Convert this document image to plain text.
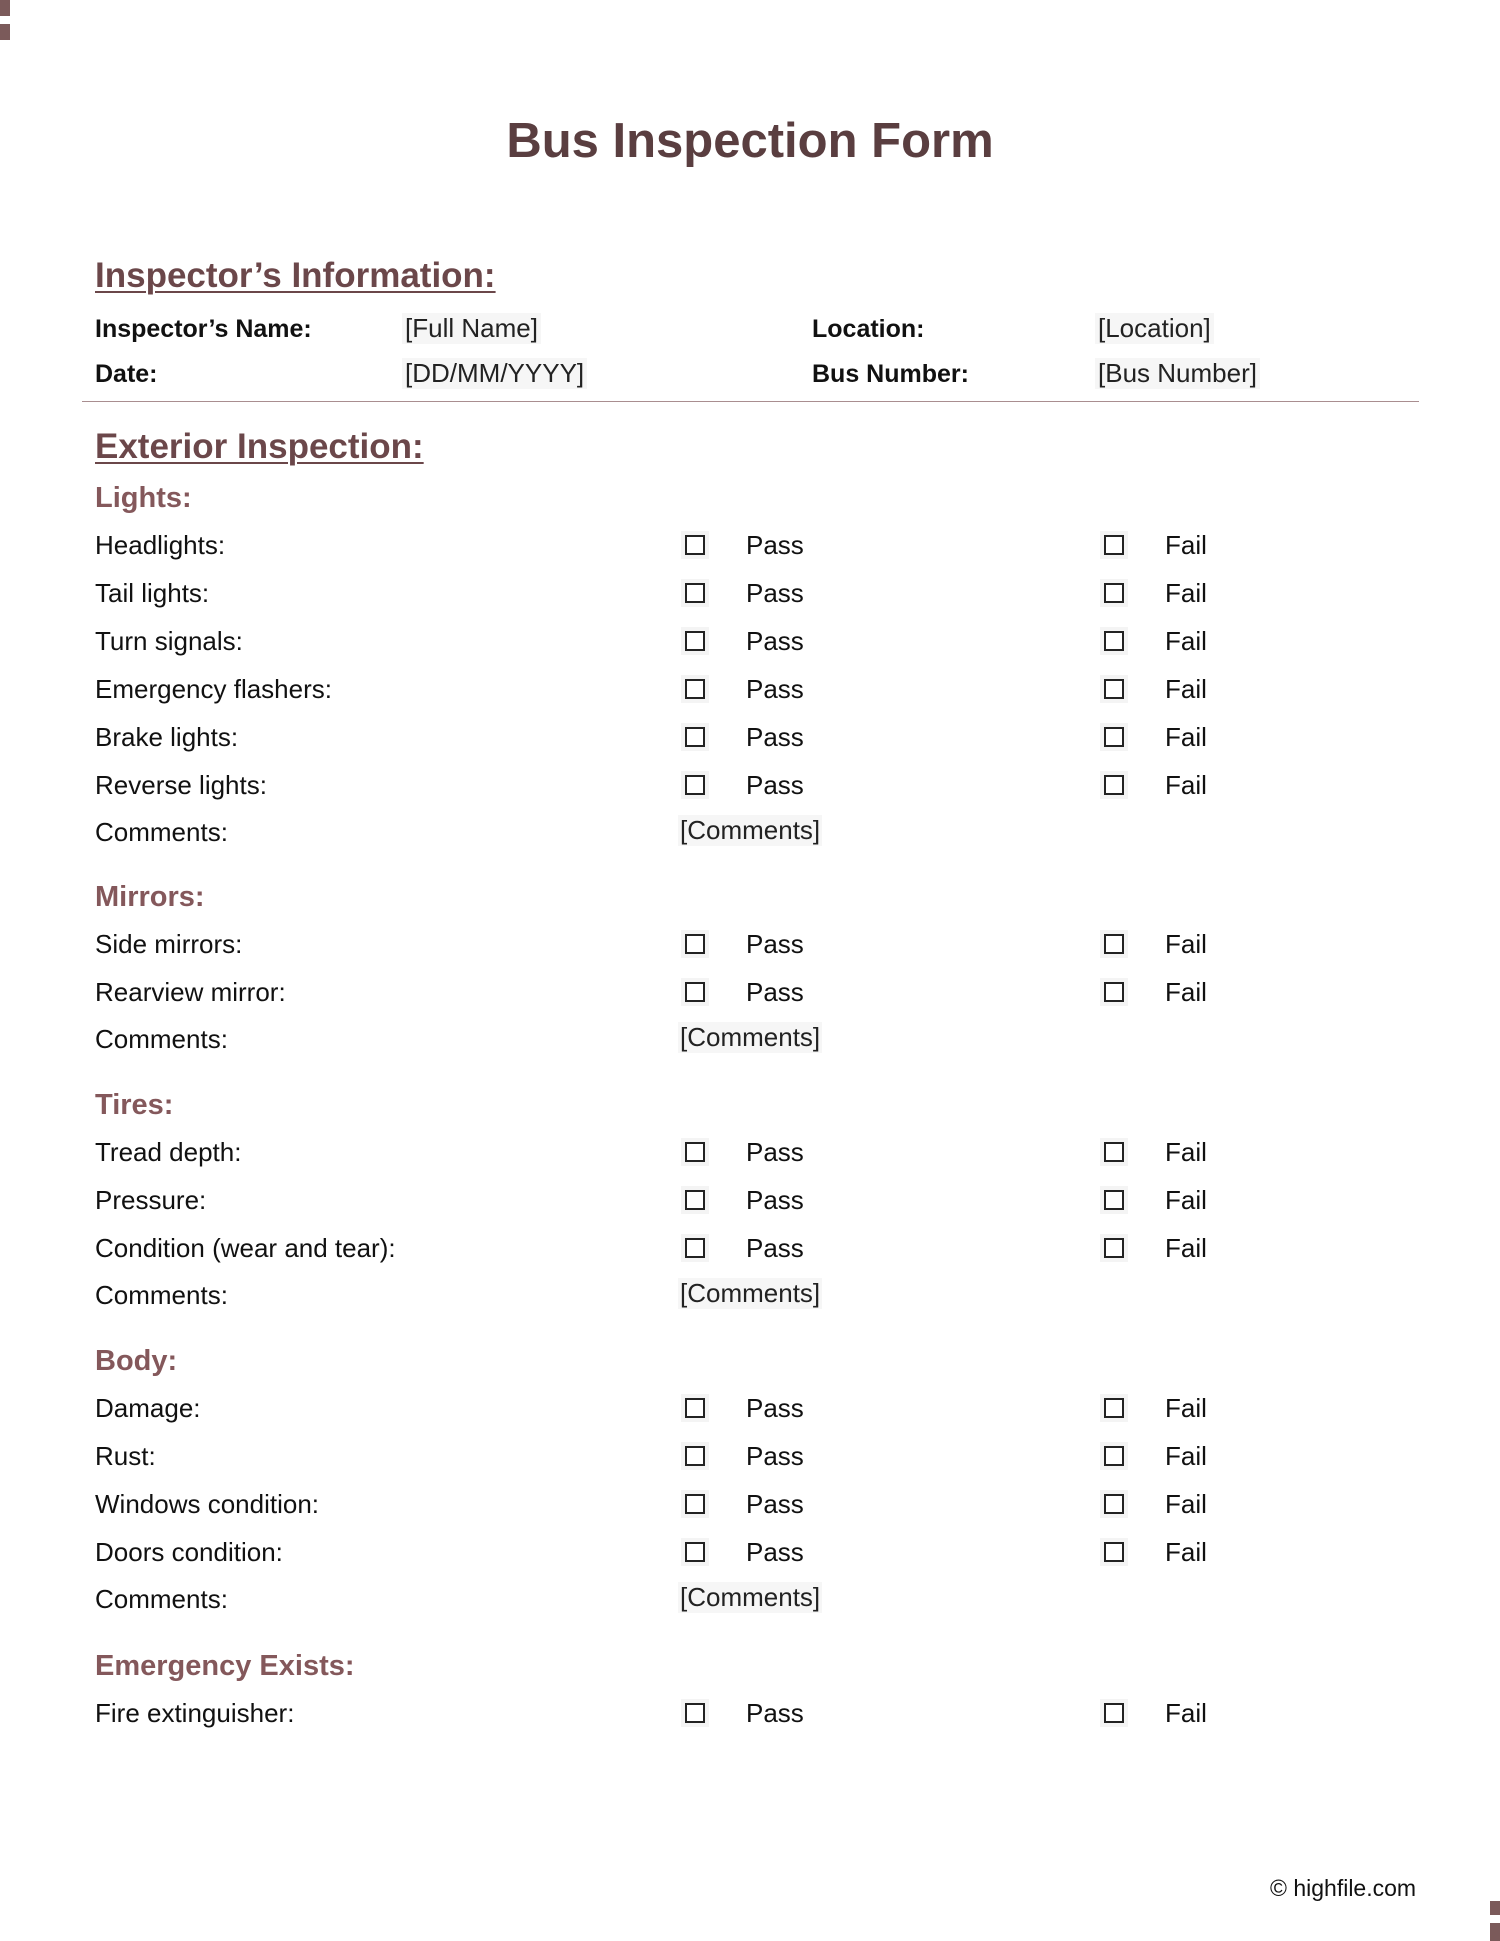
Bus Inspection Form
Inspector’s Information:
Inspector’s Name:	[Full Name]	Location:	[Location]
Date:	[DD/MM/YYYY]	Bus Number:	[Bus Number]
Exterior Inspection:
Lights:
Headlights:	Pass	Fail
Tail lights:	Pass	Fail
Turn signals:	Pass	Fail
Emergency flashers:	Pass	Fail
Brake lights:	Pass	Fail
Reverse lights:	Pass	Fail
Comments:	[Comments]
Mirrors:
Side mirrors:	Pass	Fail
Rearview mirror:	Pass	Fail
Comments:	[Comments]
Tires:
Tread depth:	Pass	Fail
Pressure:	Pass	Fail
Condition (wear and tear):	Pass	Fail
Comments:	[Comments]
Body:
Damage:	Pass	Fail
Rust:	Pass	Fail
Windows condition:	Pass	Fail
Doors condition:	Pass	Fail
Comments:	[Comments]
Emergency Exists:
Fire extinguisher:	Pass	Fail
© highfile.com
